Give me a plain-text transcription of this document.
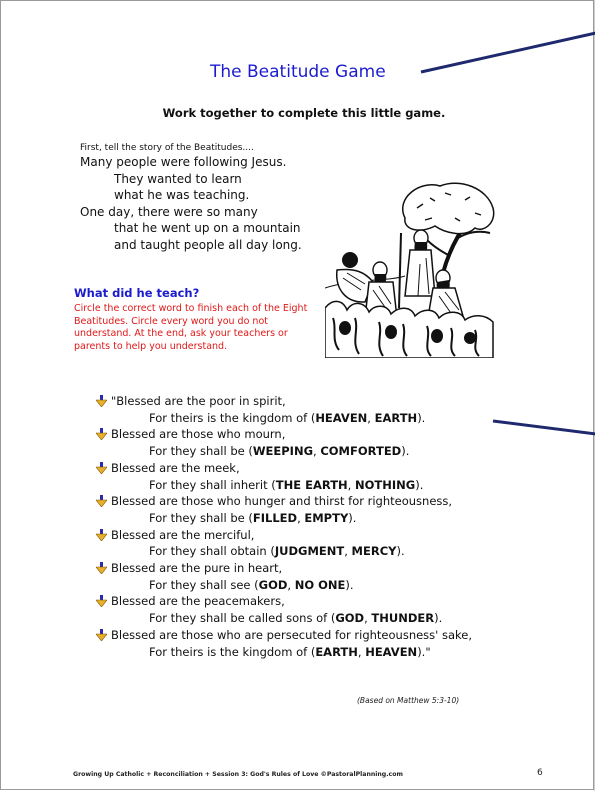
The Beatitude Game
Work together to complete this little game.
First, tell the story of the Beatitudes....
Many people were following Jesus.
They wanted to learn
what he was teaching.
One day, there were so many
that he went up on a mountain
and taught people all day long.
What did he teach?
Circle the correct word to finish each of the Eight Beatitudes. Circle every word you do not understand. At the end, ask your teachers or parents to help you understand.
"Blessed are the poor in spirit,
For theirs is the kingdom of (HEAVEN, EARTH).
Blessed are those who mourn,
For they shall be (WEEPING, COMFORTED).
Blessed are the meek,
For they shall inherit (THE EARTH, NOTHING).
Blessed are those who hunger and thirst for righteousness,
For they shall be (FILLED, EMPTY).
Blessed are the merciful,
For they shall obtain (JUDGMENT, MERCY).
Blessed are the pure in heart,
For they shall see (GOD, NO ONE).
Blessed are the peacemakers,
For they shall be called sons of (GOD, THUNDER).
Blessed are those who are persecuted for righteousness' sake,
For theirs is the kingdom of (EARTH, HEAVEN)."
(Based on Matthew 5:3-10)
Growing Up Catholic + Reconciliation + Session 3: God's Rules of Love ©PastoralPlanning.com	6
